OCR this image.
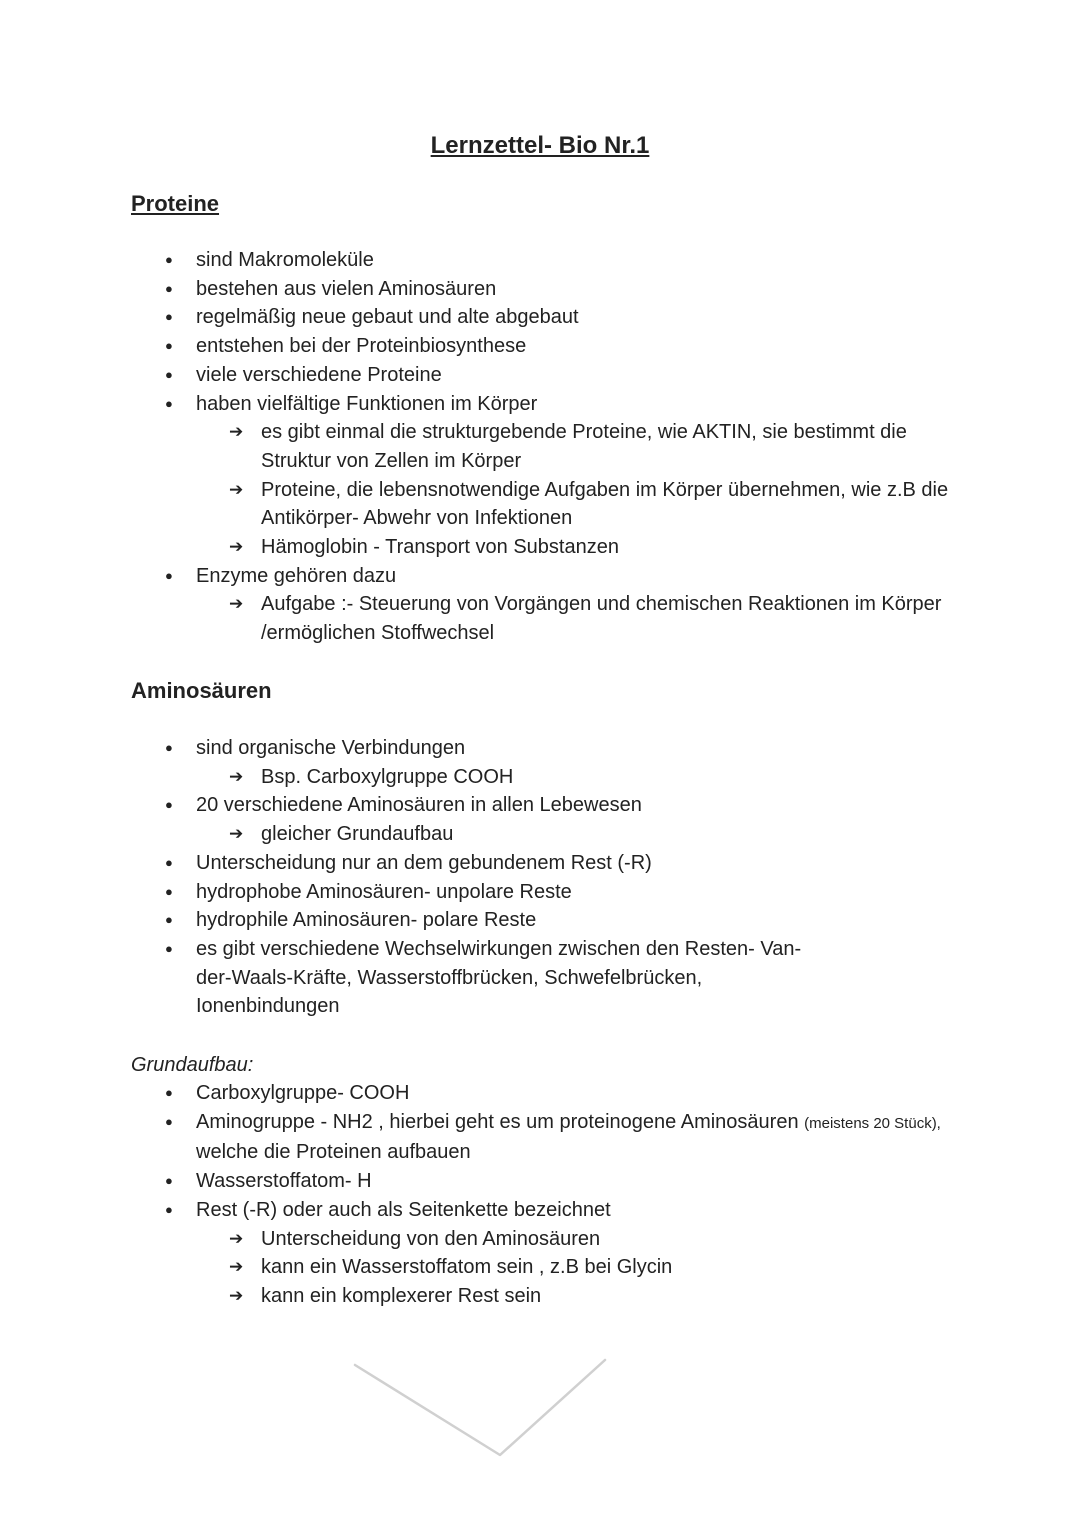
Lernzettel- Bio Nr.1
Proteine
● sind Makromoleküle
● bestehen aus vielen Aminosäuren
● regelmäßig neue gebaut und alte abgebaut
● entstehen bei der Proteinbiosynthese
● viele verschiedene Proteine
● haben vielfältige Funktionen im Körper
➔ es gibt einmal die strukturgebende Proteine, wie AKTIN, sie bestimmt die Struktur von Zellen im Körper
➔ Proteine, die lebensnotwendige Aufgaben im Körper übernehmen, wie z.B die Antikörper- Abwehr von Infektionen
➔ Hämoglobin - Transport von Substanzen
● Enzyme gehören dazu
➔ Aufgabe :- Steuerung von Vorgängen und chemischen Reaktionen im Körper /ermöglichen Stoffwechsel
Aminosäuren
● sind organische Verbindungen
➔ Bsp. Carboxylgruppe COOH
● 20 verschiedene Aminosäuren in allen Lebewesen
➔ gleicher Grundaufbau
● Unterscheidung nur an dem gebundenem Rest (-R)
● hydrophobe Aminosäuren- unpolare Reste
● hydrophile Aminosäuren- polare Reste
● es gibt verschiedene Wechselwirkungen zwischen den Resten- Van-der-Waals-Kräfte, Wasserstoffbrücken, Schwefelbrücken, Ionenbindungen
Grundaufbau:
● Carboxylgruppe- COOH
● Aminogruppe - NH2 , hierbei geht es um proteinogene Aminosäuren (meistens 20 Stück), welche die Proteinen aufbauen
● Wasserstoffatom- H
● Rest (-R) oder auch als Seitenkette bezeichnet
➔ Unterscheidung von den Aminosäuren
➔ kann ein Wasserstoffatom sein , z.B bei Glycin
➔ kann ein komplexerer Rest sein
